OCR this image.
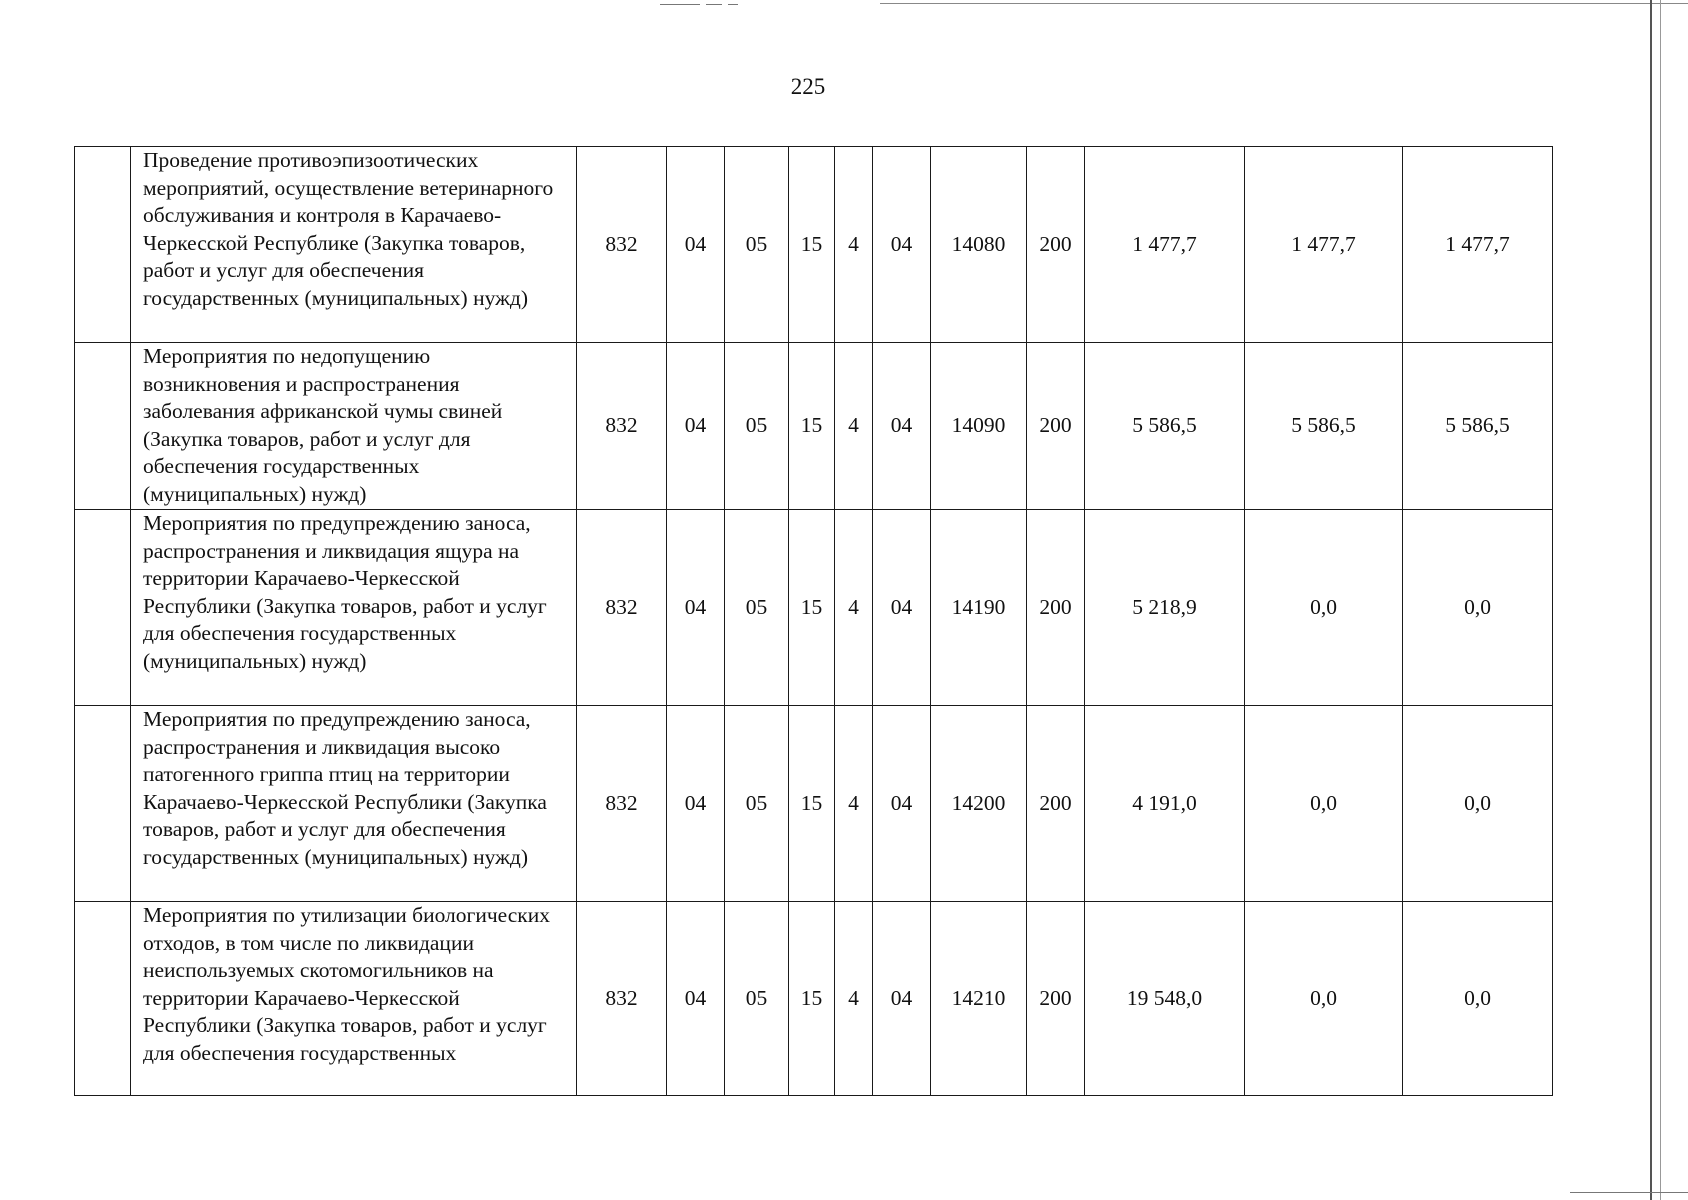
225
	Проведение противоэпизоотических мероприятий, осуществление ветеринарного обслуживания и контроля в Карачаево-Черкесской Республике (Закупка товаров, работ и услуг для обеспечения государственных (муниципальных) нужд)	832	04	05	15	4	04	14080	200	1 477,7	1 477,7	1 477,7
	Мероприятия по недопущению возникновения и распространения заболевания африканской чумы свиней (Закупка товаров, работ и услуг для обеспечения государственных (муниципальных) нужд)	832	04	05	15	4	04	14090	200	5 586,5	5 586,5	5 586,5
	Мероприятия по предупреждению заноса, распространения и ликвидация ящура на территории Карачаево-Черкесской Республики (Закупка товаров, работ и услуг для обеспечения государственных (муниципальных) нужд)	832	04	05	15	4	04	14190	200	5 218,9	0,0	0,0
	Мероприятия по предупреждению заноса, распространения и ликвидация высоко патогенного гриппа птиц на территории Карачаево-Черкесской Республики (Закупка товаров, работ и услуг для обеспечения государственных (муниципальных) нужд)	832	04	05	15	4	04	14200	200	4 191,0	0,0	0,0
	Мероприятия по утилизации биологических отходов, в том числе по ликвидации неиспользуемых скотомогильников на территории Карачаево-Черкесской Республики (Закупка товаров, работ и услуг для обеспечения государственных	832	04	05	15	4	04	14210	200	19 548,0	0,0	0,0
